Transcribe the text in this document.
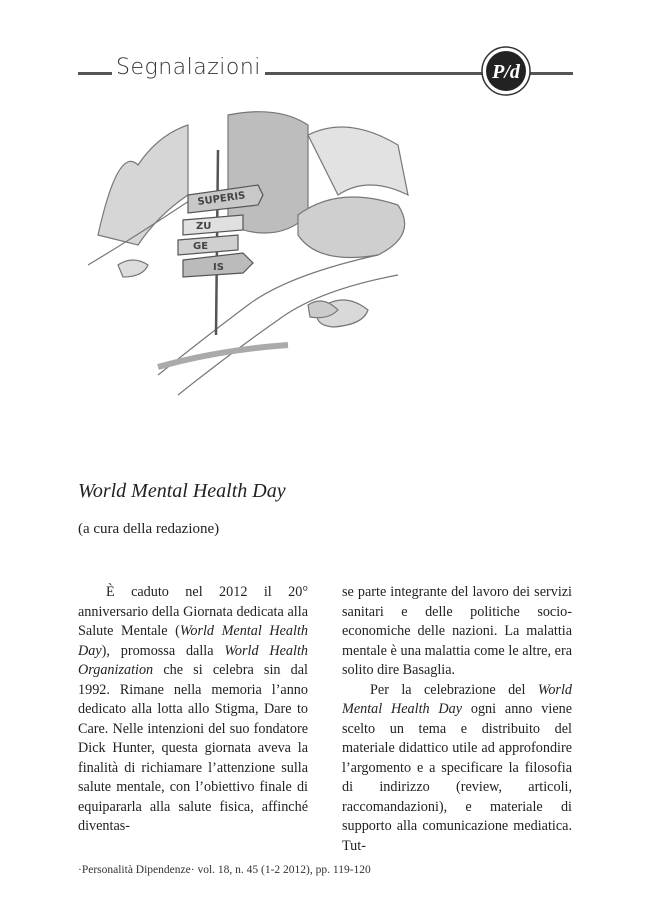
Segnalazioni	P/d
SUPERIS
ZU
GE
IS
World Mental Health Day
(a cura della redazione)

È caduto nel 2012 il 20° anniversario della Giornata dedicata alla Salute Mentale (World Mental Health Day), promossa dalla World Health Organization che si celebra sin dal 1992. Rimane nella memoria l’anno dedicato alla lotta allo Stigma, Dare to Care. Nelle intenzioni del suo fondatore Dick Hunter, questa giornata aveva la finalità di richiamare l’attenzione sulla salute mentale, con l’obiettivo finale di equipararla alla salute fisica, affinché diventas-

se parte integrante del lavoro dei servizi sanitari e delle politiche socio-economiche delle nazioni. La malattia mentale è una malattia come le altre, era solito dire Basaglia.

Per la celebrazione del World Mental Health Day ogni anno viene scelto un tema e distribuito del materiale didattico utile ad approfondire l’argomento e a specificare la filosofia di indirizzo (review, articoli, raccomandazioni), e materiale di supporto alla comunicazione mediatica. Tut-

·Personalità Dipendenze· vol. 18, n. 45 (1-2 2012), pp. 119-120
